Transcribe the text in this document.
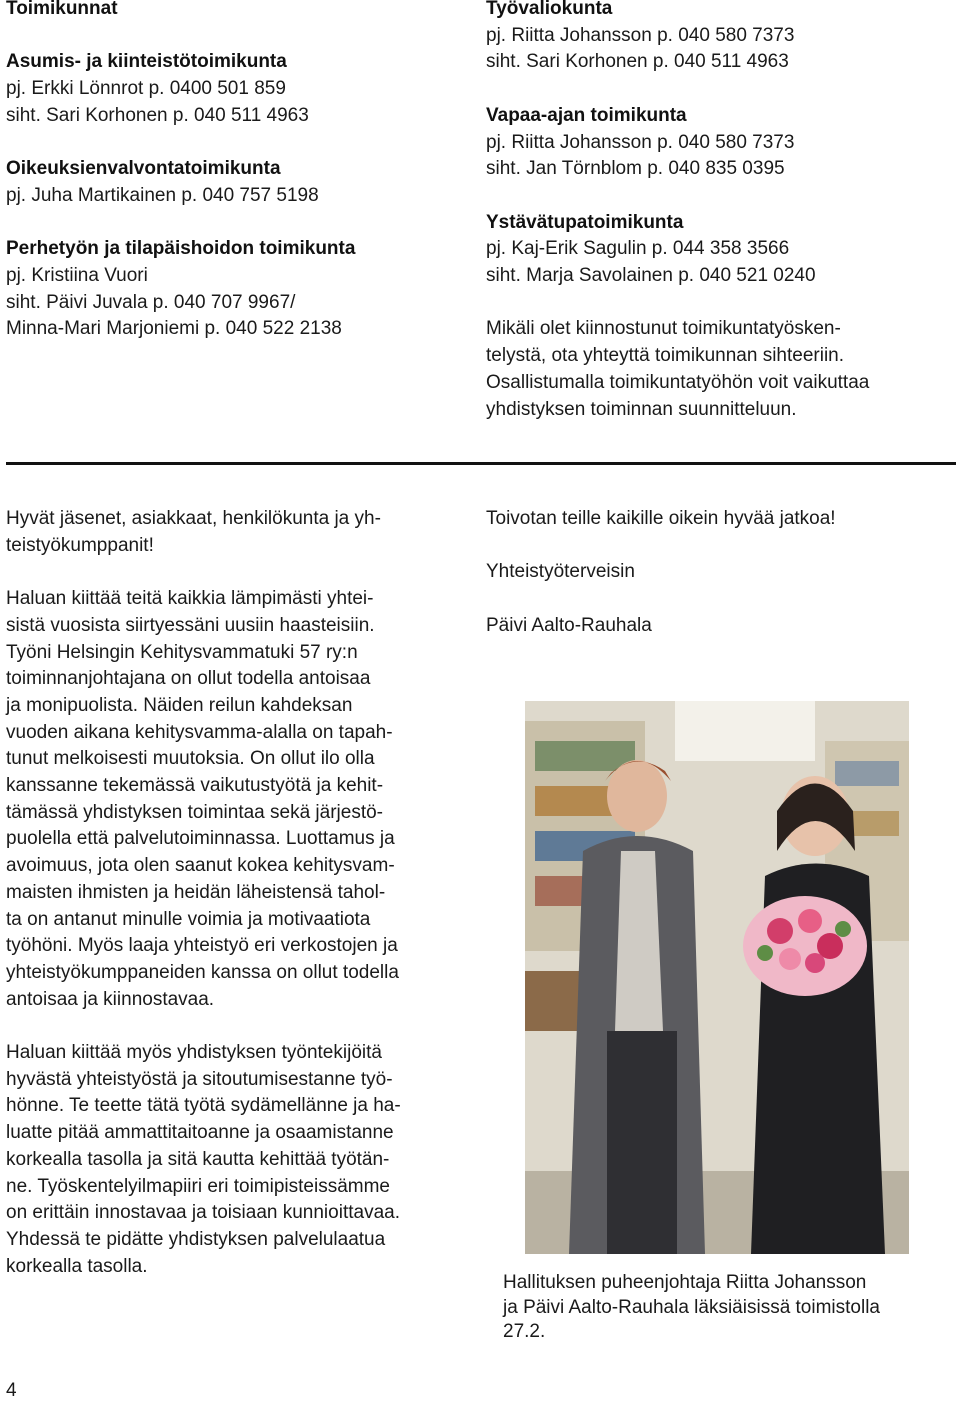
Toimikunnat

Asumis- ja kiinteistötoimikunta

pj. Erkki Lönnrot p. 0400 501 859

siht. Sari Korhonen p. 040 511 4963

Oikeuksienvalvontatoimikunta

pj. Juha Martikainen p. 040 757 5198

Perhetyön ja tilapäishoidon toimikunta

pj. Kristiina Vuori

siht. Päivi Juvala p. 040 707 9967/

Minna-Mari Marjoniemi p. 040 522 2138

Työvaliokunta

pj. Riitta Johansson p. 040 580 7373

siht. Sari Korhonen p. 040 511 4963

Vapaa-ajan toimikunta

pj. Riitta Johansson p. 040 580 7373

siht. Jan Törnblom p. 040 835 0395

Ystävätupatoimikunta

pj. Kaj-Erik Sagulin p. 044 358 3566

siht. Marja Savolainen p. 040 521 0240

Mikäli olet kiinnostunut toimikuntatyösken-

telystä, ota yhteyttä toimikunnan sihteeriin.

Osallistumalla toimikuntatyöhön voit vaikuttaa

yhdistyksen toiminnan suunnitteluun.

Hyvät jäsenet, asiakkaat, henkilökunta ja yh-

teistyökumppanit!

Haluan kiittää teitä kaikkia lämpimästi yhtei-

sistä vuosista siirtyessäni uusiin haasteisiin.

Työni Helsingin Kehitysvammatuki 57 ry:n

toiminnanjohtajana on ollut todella antoisaa

ja monipuolista. Näiden reilun kahdeksan

vuoden aikana kehitysvamma-alalla on tapah-

tunut melkoisesti muutoksia. On ollut ilo olla

kanssanne tekemässä vaikutustyötä ja kehit-

tämässä yhdistyksen toimintaa sekä järjestö-

puolella että palvelutoiminnassa. Luottamus ja

avoimuus, jota olen saanut kokea kehitysvam-

maisten ihmisten ja heidän läheistensä tahol-

ta on antanut minulle voimia ja motivaatiota

työhöni. Myös laaja yhteistyö eri verkostojen ja

yhteistyökumppaneiden kanssa on ollut todella

antoisaa ja kiinnostavaa.

Haluan kiittää myös yhdistyksen työntekijöitä

hyvästä yhteistyöstä ja sitoutumisestanne työ-

hönne. Te teette tätä työtä sydämellänne ja ha-

luatte pitää ammattitaitoanne ja osaamistanne

korkealla tasolla ja sitä kautta kehittää työtän-

ne. Työskentelyilmapiiri eri toimipisteissämme

on erittäin innostavaa ja toisiaan kunnioittavaa.

Yhdessä te pidätte yhdistyksen palvelulaatua

korkealla tasolla.

Toivotan teille kaikille oikein hyvää jatkoa!

Yhteistyöterveisin

Päivi Aalto-Rauhala

Hallituksen puheenjohtaja Riitta Johansson

ja Päivi Aalto-Rauhala läksiäisissä toimistolla

27.2.

4
